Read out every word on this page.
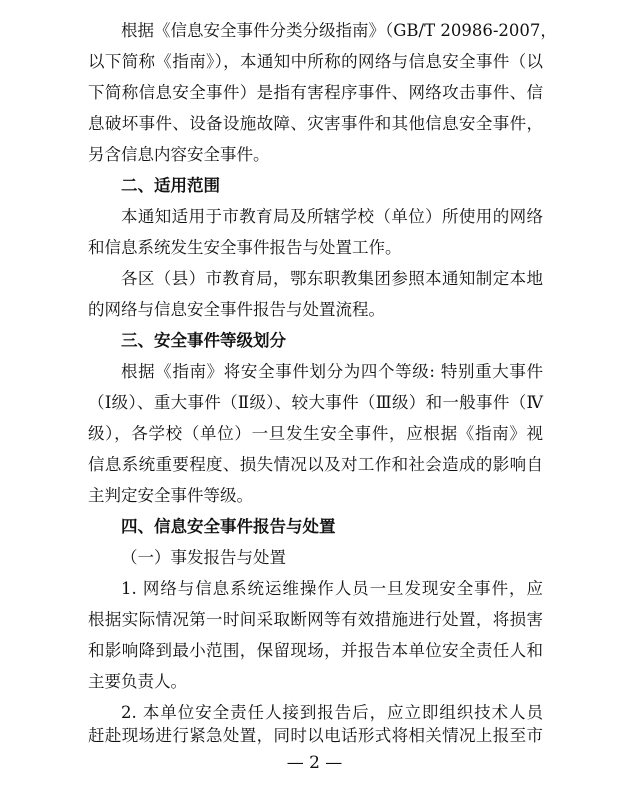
根据《信息安全事件分类分级指南》（GB/T 20986-2007，
以下简称《指南》），本通知中所称的网络与信息安全事件（以
下简称信息安全事件）是指有害程序事件、网络攻击事件、信
息破坏事件、设备设施故障、灾害事件和其他信息安全事件，
另含信息内容安全事件。
二、适用范围
本通知适用于市教育局及所辖学校（单位）所使用的网络
和信息系统发生安全事件报告与处置工作。
各区（县）市教育局，鄂东职教集团参照本通知制定本地
的网络与信息安全事件报告与处置流程。
三、安全事件等级划分
根据《指南》将安全事件划分为四个等级: 特别重大事件
（Ⅰ级）、重大事件（Ⅱ级）、较大事件（Ⅲ级）和一般事件（Ⅳ
级），各学校（单位）一旦发生安全事件，应根据《指南》视
信息系统重要程度、损失情况以及对工作和社会造成的影响自
主判定安全事件等级。
四、信息安全事件报告与处置
（一）事发报告与处置
1. 网络与信息系统运维操作人员一旦发现安全事件，应
根据实际情况第一时间采取断网等有效措施进行处置，将损害
和影响降到最小范围，保留现场，并报告本单位安全责任人和
主要负责人。
2. 本单位安全责任人接到报告后，应立即组织技术人员
— 2 —
赶赴现场进行紧急处置，同时以电话形式将相关情况上报至市
